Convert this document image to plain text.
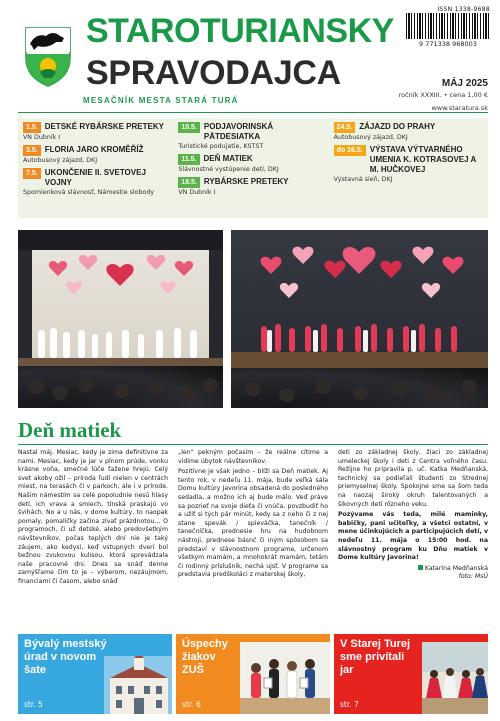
ISSN 1338-9688
9 771338 968003
STAROTURIANSKY
SPRAVODAJCA	MÁJ 2025
ročník XXXIII. • cena 1,00 €
MESAČNÍK MESTA STARÁ TURÁ
www.staratura.sk
1.5. DETSKÉ RYBÁRSKE PRETEKY
VN Dubník I
3.5. FLORIA JARO KROMĚŘÍŽ
Autobusový zájazd, DKJ
7.5. UKONČENIE II. SVETOVEJ VOJNY
Spomienková slávnosť, Námestie slobody
10.5. PODJAVORINSKÁ PÄTDESIATKA
Turistické podujatie, KSTST
11.5. DEŇ MATIEK
Slávnostné vystúpenie detí, DKJ
18.5. RYBÁRSKE PRETEKY
VN Dubník I
24.5. ZÁJAZD DO PRAHY
Autobusový zájazd, DKJ
do 16.5. VÝSTAVA VÝTVARNÉHO UMENIA K. KOTRASOVEJ A M. HUČKOVEJ
Výstavná sieň, DKJ
Deň matiek

Nastal máj. Mesiac, kedy je zima definitívne za nami. Mesiac, kedy je jar v plnom prúde, vonku krásne voňa, smečné lúče ťažene hrejú. Celý svet akoby ožil – príroda ľudí nielen v centrách miest, na terasách či v parkoch, ale i v prírode. Našim námestím sa celé popoludnie nesú hlasy detí, ich vrava a smiech, tínskä praskajú vo švihách. No a u nás, v dome kultúry, to naopak pomaly, pomaličky začína zívať prázdnotou… O programoch, či už detské, alebo predovšetkým návštevníkov, počas teplých dní nie je taký záujem, ako kedysi, keď vstupných dverí bol bežnou zvukovou kulisou, ktorá sprevádzala naše pracovné dni. Dnes sa snáď denne zamýšľame čím to je – výberom, nezáujmom, financiami či časom, alebo snáď

„len" pekným počasím – že reálne cítime a vidíme úbytok návštevníkov.

Pozitívne je však jedno – blíži sa Deň matiek. Aj tento rok, v nedeľu 11. mája, bude veľká sála Domu kultúry Javorina obsadená do posledného sedadla, a možno ich aj bude málo. Veď práve sa pozrieť na svoje dieťa či vnúča, povzbudiť ho a užiť si tých pár minút, kedy sa z neho či z nej stane spevák / spieváčka, tanečník / tanečníčka, prednesie hru na hudobnom nástroji, prednese básnč či iným spôsobom sa predstaví v slávnostnom programe, určenom všetkým mamám, a mnohokrát mamám, tetám či rodinný príslušník, nechá ujsť. V programe sa predstavia predškoláci z materskej školy,

deti zo základnej školy, žiaci zo základnej umeleckej školy i deti z Centra voľného času. Režijne ho pripravila p. uč. Katka Medňanská, technický sa podieľali študenti zo Strednej priemyselnej školy. Spokojne sme sa šom teda na naozaj široký okruh talentovaných a šikovných detí rôzneho veku.

Pozývame vás teda, milé maminky, babičky, pani učiteľky, a všetci ostatní, v mene účinkujúcich a participujúcich detí, v nedeľu 11. mája o 15:00 hod. na slávnostný program ku Dňu matiek v Dome kultúry Javorina!

Katarína Medňanská
foto: MsÚ
Bývalý mestský úrad v novom šate
str. 5
Úspechy žiakov ZUŠ
str. 6
V Starej Turej sme privítali jar
str. 7
